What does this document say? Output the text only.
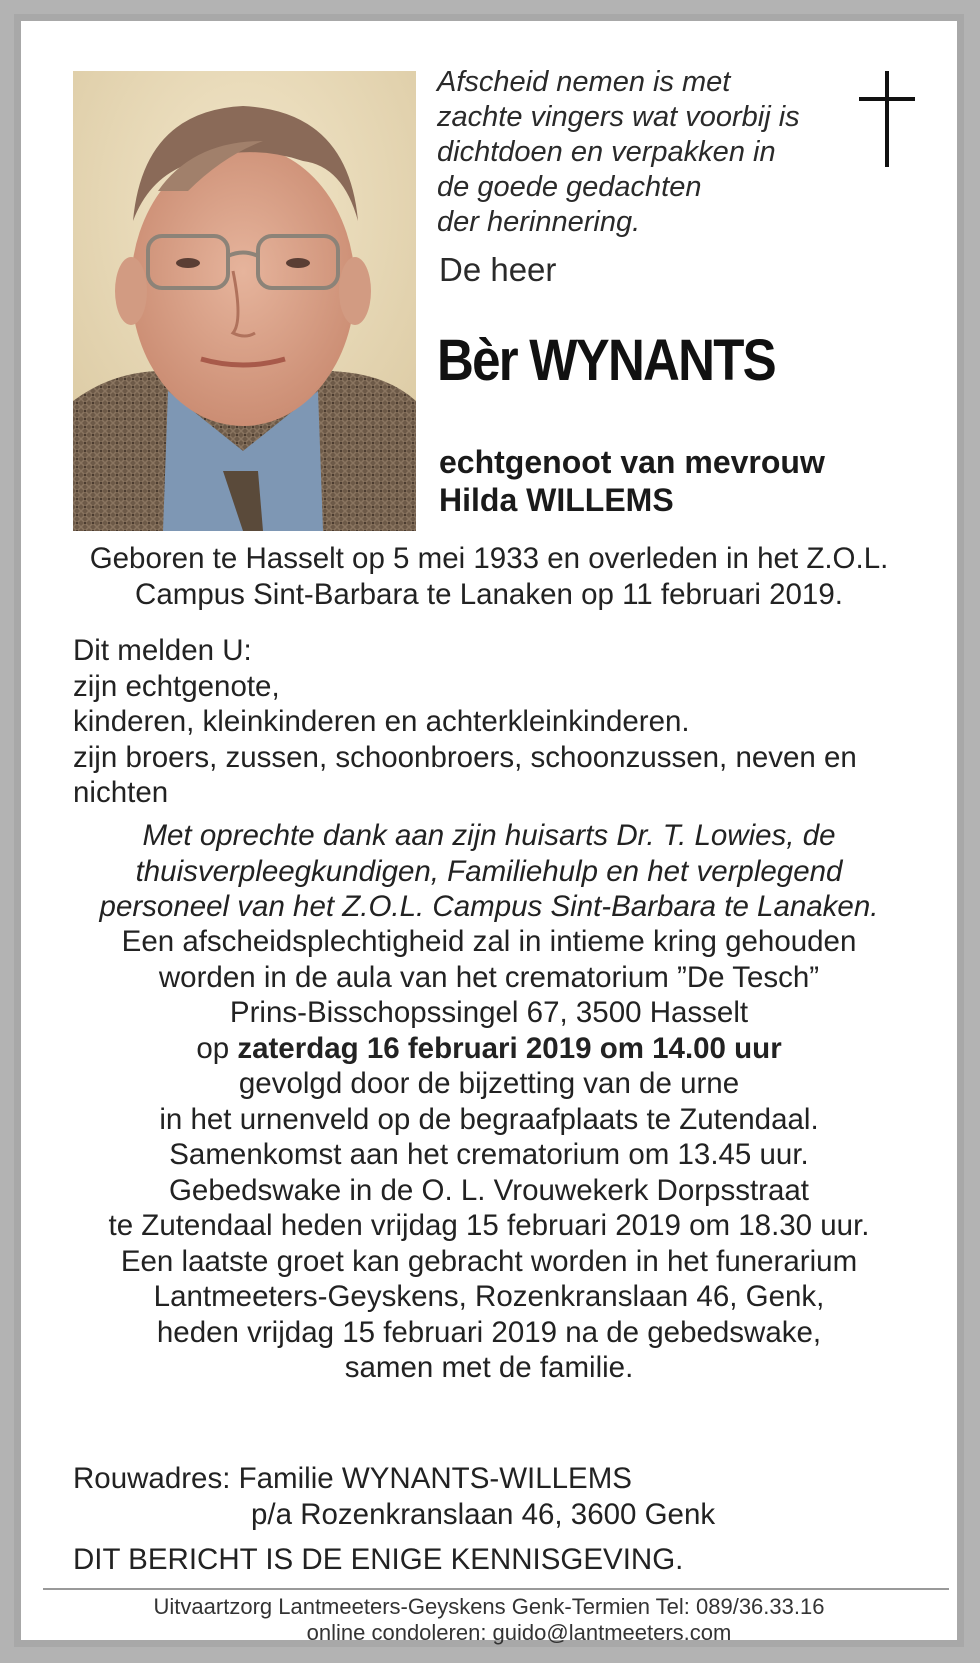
Afscheid nemen is met
zachte vingers wat voorbij is
dichtdoen en verpakken in
de goede gedachten
der herinnering.
De heer
Bèr WYNANTS
echtgenoot van mevrouw
Hilda WILLEMS
Geboren te Hasselt op 5 mei 1933 en overleden in het Z.O.L.
Campus Sint-Barbara te Lanaken op 11 februari 2019.
Dit melden U:
zijn echtgenote,
kinderen, kleinkinderen en achterkleinkinderen.
zijn broers, zussen, schoonbroers, schoonzussen, neven en
nichten
Met oprechte dank aan zijn huisarts Dr. T. Lowies, de
thuisverpleegkundigen, Familiehulp en het verplegend
personeel van het Z.O.L. Campus Sint-Barbara te Lanaken.
Een afscheidsplechtigheid zal in intieme kring gehouden
worden in de aula van het crematorium ”De Tesch”
Prins-Bisschopssingel 67, 3500 Hasselt
op zaterdag 16 februari 2019 om 14.00 uur
gevolgd door de bijzetting van de urne
in het urnenveld op de begraafplaats te Zutendaal.
Samenkomst aan het crematorium om 13.45 uur.
Gebedswake in de O. L. Vrouwekerk Dorpsstraat
te Zutendaal heden vrijdag 15 februari 2019 om 18.30 uur.
Een laatste groet kan gebracht worden in het funerarium
Lantmeeters-Geyskens, Rozenkranslaan 46, Genk,
heden vrijdag 15 februari 2019 na de gebedswake,
samen met de familie.
Rouwadres: Familie WYNANTS-WILLEMS
p/a Rozenkranslaan 46, 3600 Genk
DIT BERICHT IS DE ENIGE KENNISGEVING.
Uitvaartzorg Lantmeeters-Geyskens Genk-Termien Tel: 089/36.33.16
online condoleren: guido@lantmeeters.com
